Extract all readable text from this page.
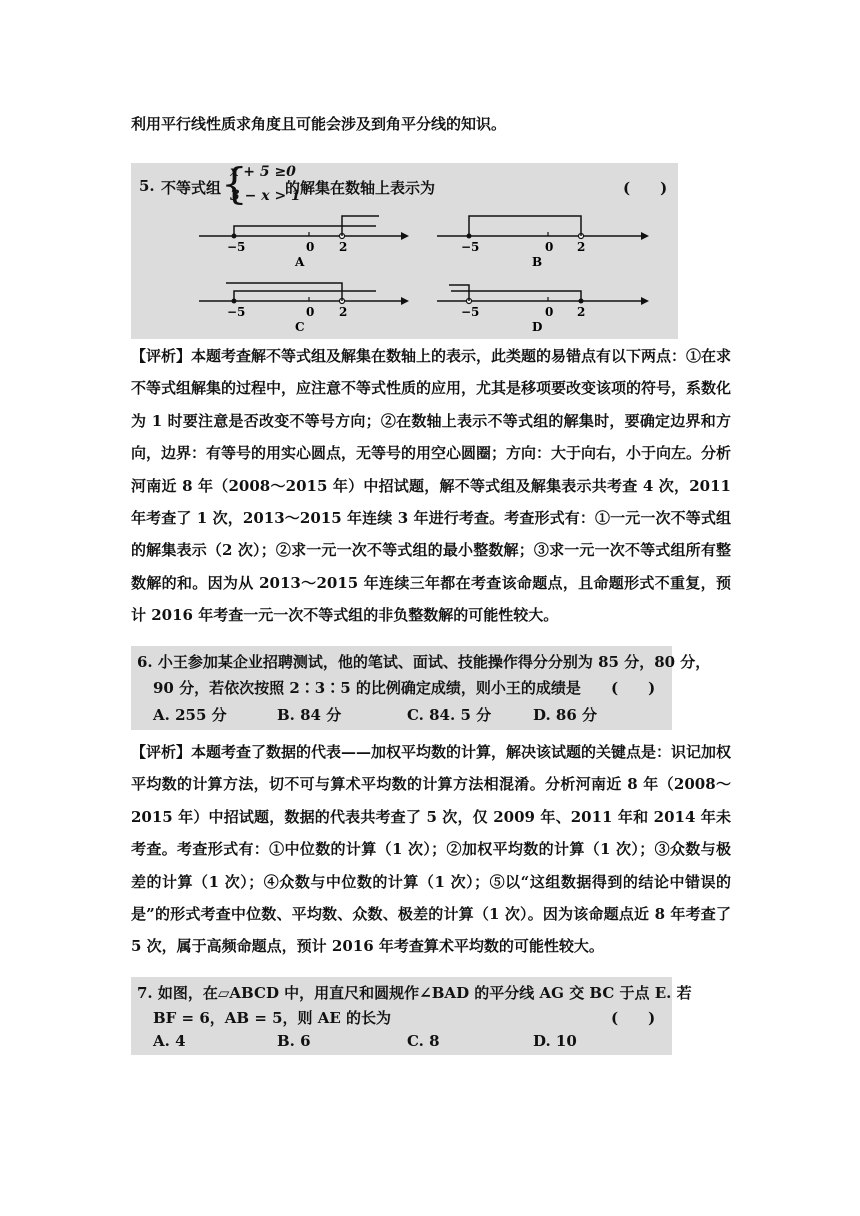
利用平行线性质求角度且可能会涉及到角平分线的知识。
5. 不等式组 {
x + 5 ≥0
3 − x > 1
的解集在数轴上表示为	(　　)
−5	0 2
A
−5	0 2
B
−5	0 2
C
−5	0 2
D
【评析】本题考查解不等式组及解集在数轴上的表示，此类题的易错点有以下两点：①在求不等式组解集的过程中，应注意不等式性质的应用，尤其是移项要改变该项的符号，系数化为 1 时要注意是否改变不等号方向；②在数轴上表示不等式组的解集时，要确定边界和方向，边界：有等号的用实心圆点，无等号的用空心圆圈；方向：大于向右，小于向左。分析河南近 8 年（2008～2015 年）中招试题，解不等式组及解集表示共考查 4 次，2011 年考查了 1 次，2013～2015 年连续 3 年进行考查。考查形式有：①一元一次不等式组的解集表示（2 次）；②求一元一次不等式组的最小整数解；③求一元一次不等式组所有整数解的和。因为从 2013～2015 年连续三年都在考查该命题点，且命题形式不重复，预计 2016 年考查一元一次不等式组的非负整数解的可能性较大。
6. 小王参加某企业招聘测试，他的笔试、面试、技能操作得分分别为 85 分，80 分，
90 分，若依次按照 2∶3∶5 的比例确定成绩，则小王的成绩是 (　　)
A. 255 分	B. 84 分	C. 84. 5 分	D. 86 分
【评析】本题考查了数据的代表——加权平均数的计算，解决该试题的关键点是：识记加权平均数的计算方法，切不可与算术平均数的计算方法相混淆。分析河南近 8 年（2008～2015 年）中招试题，数据的代表共考查了 5 次，仅 2009 年、2011 年和 2014 年未考查。考查形式有：①中位数的计算（1 次）；②加权平均数的计算（1 次）；③众数与极差的计算（1 次）；④众数与中位数的计算（1 次）；⑤以“这组数据得到的结论中错误的是”的形式考查中位数、平均数、众数、极差的计算（1 次）。因为该命题点近 8 年考查了 5 次，属于高频命题点，预计 2016 年考查算术平均数的可能性较大。
7. 如图，在▱ABCD 中，用直尺和圆规作∠BAD 的平分线 AG 交 BC 于点 E. 若
BF = 6，AB = 5，则 AE 的长为	(　　)
A. 4	B. 6	C. 8	D. 10
